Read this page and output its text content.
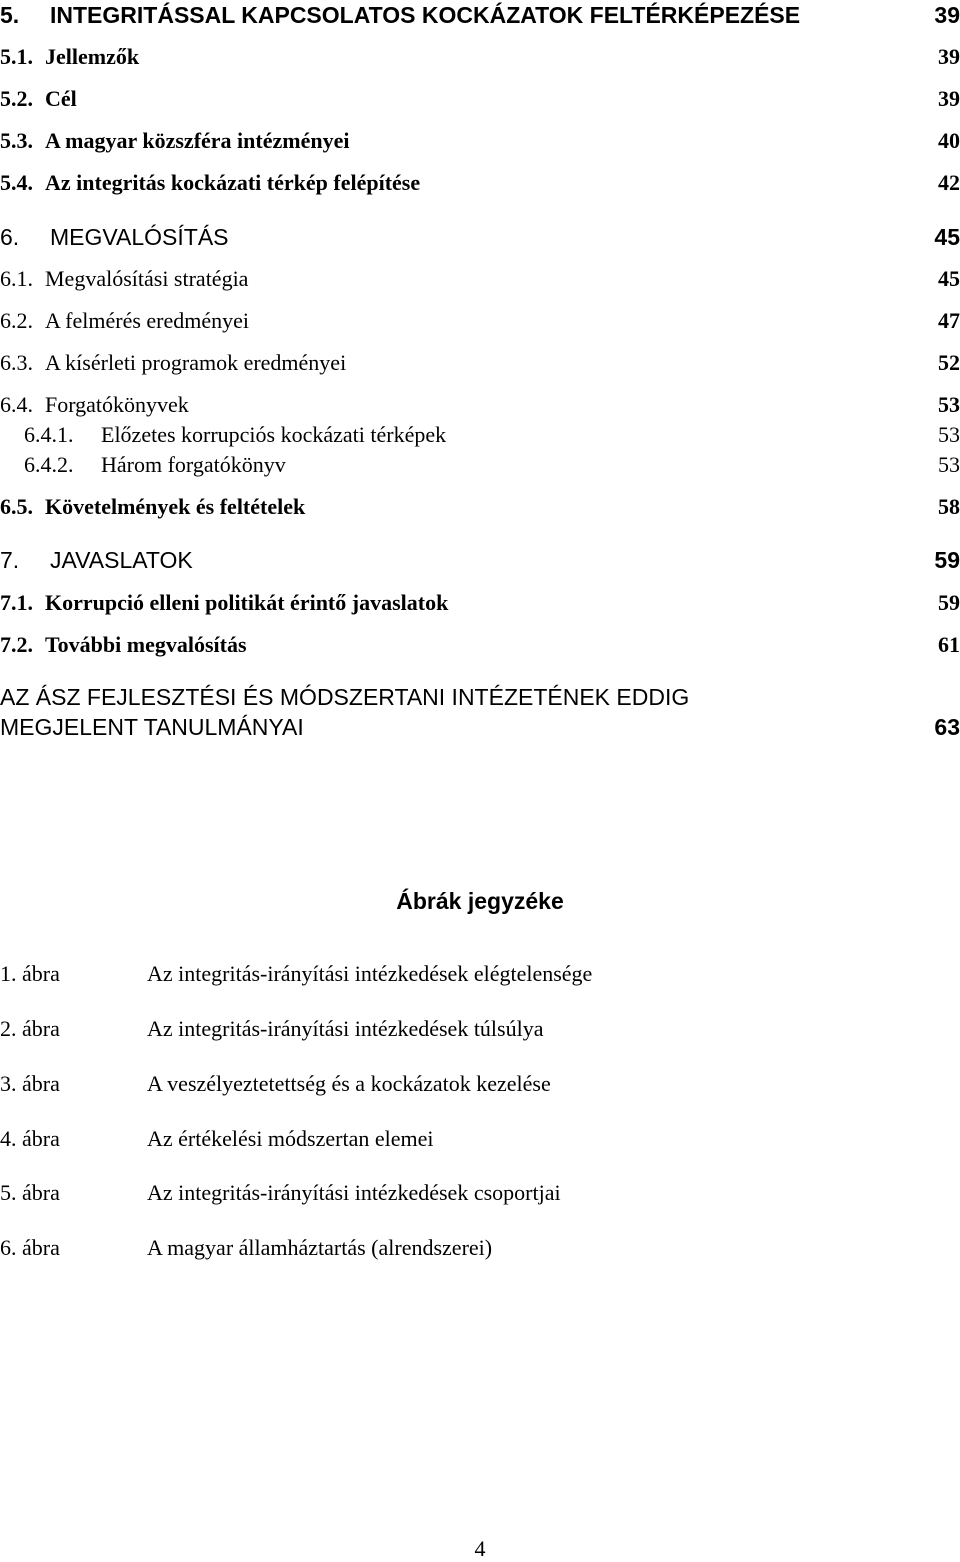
5.	INTEGRITÁSSAL KAPCSOLATOS KOCKÁZATOK FELTÉRKÉPEZÉSE	39
5.1. Jellemzők	39
5.2. Cél	39
5.3. A magyar közszféra intézményei	40
5.4. Az integritás kockázati térkép felépítése	42
6.	MEGVALÓSÍTÁS	45
6.1. Megvalósítási stratégia	45
6.2. A felmérés eredményei	47
6.3. A kísérleti programok eredményei	52
6.4. Forgatókönyvek	53
6.4.1.	Előzetes korrupciós kockázati térképek	53
6.4.2.	Három forgatókönyv	53
6.5. Követelmények és feltételek	58
7.	JAVASLATOK	59
7.1. Korrupció elleni politikát érintő javaslatok	59
7.2. További megvalósítás	61
AZ ÁSZ FEJLESZTÉSI ÉS MÓDSZERTANI INTÉZETÉNEK EDDIG
MEGJELENT TANULMÁNYAI	63
Ábrák jegyzéke
1. ábra	Az integritás-irányítási intézkedések elégtelensége
2. ábra	Az integritás-irányítási intézkedések túlsúlya
3. ábra	A veszélyeztetettség és a kockázatok kezelése
4. ábra	Az értékelési módszertan elemei
5. ábra	Az integritás-irányítási intézkedések csoportjai
6. ábra	A magyar államháztartás (alrendszerei)
4
